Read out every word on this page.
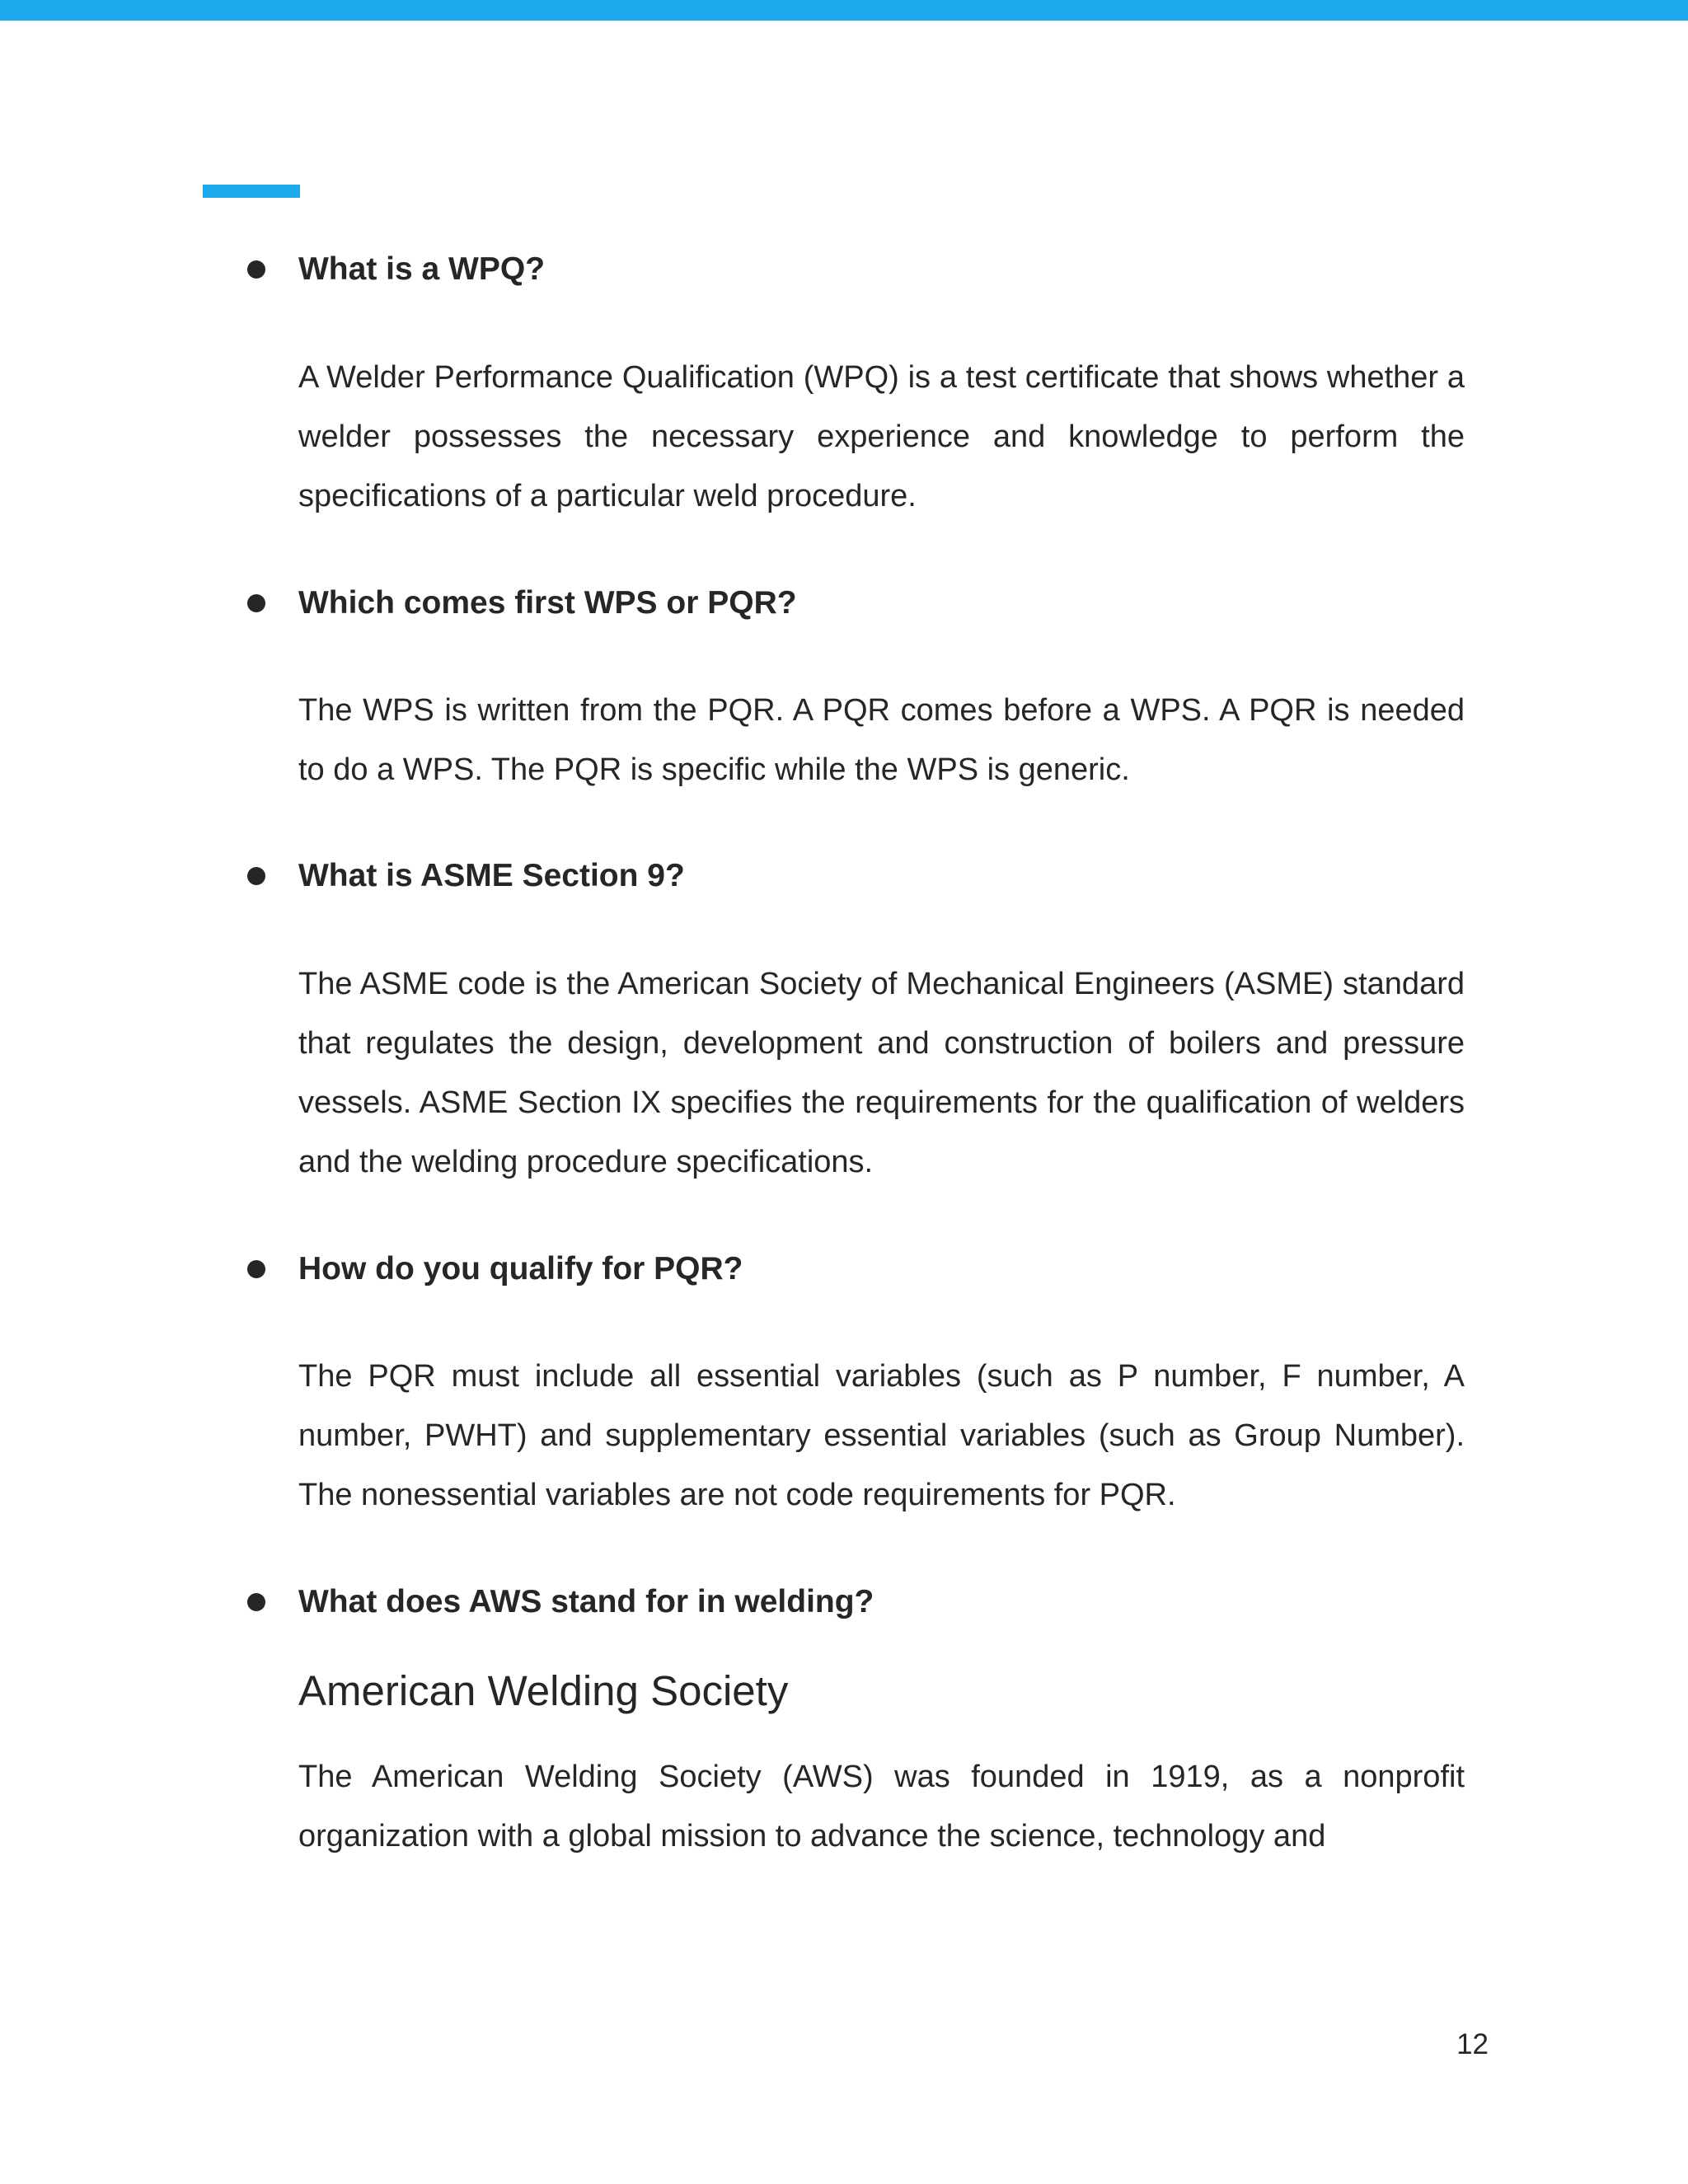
What is a WPQ?
A Welder Performance Qualification (WPQ) is a test certificate that shows whether a welder possesses the necessary experience and knowledge to perform the specifications of a particular weld procedure.
Which comes first WPS or PQR?
The WPS is written from the PQR. A PQR comes before a WPS. A PQR is needed to do a WPS. The PQR is specific while the WPS is generic.
What is ASME Section 9?
The ASME code is the American Society of Mechanical Engineers (ASME) standard that regulates the design, development and construction of boilers and pressure vessels. ASME Section IX specifies the requirements for the qualification of welders and the welding procedure specifications.
How do you qualify for PQR?
The PQR must include all essential variables (such as P number, F number, A number, PWHT) and supplementary essential variables (such as Group Number). The nonessential variables are not code requirements for PQR.
What does AWS stand for in welding?
American Welding Society
The American Welding Society (AWS) was founded in 1919, as a nonprofit organization with a global mission to advance the science, technology and
12
